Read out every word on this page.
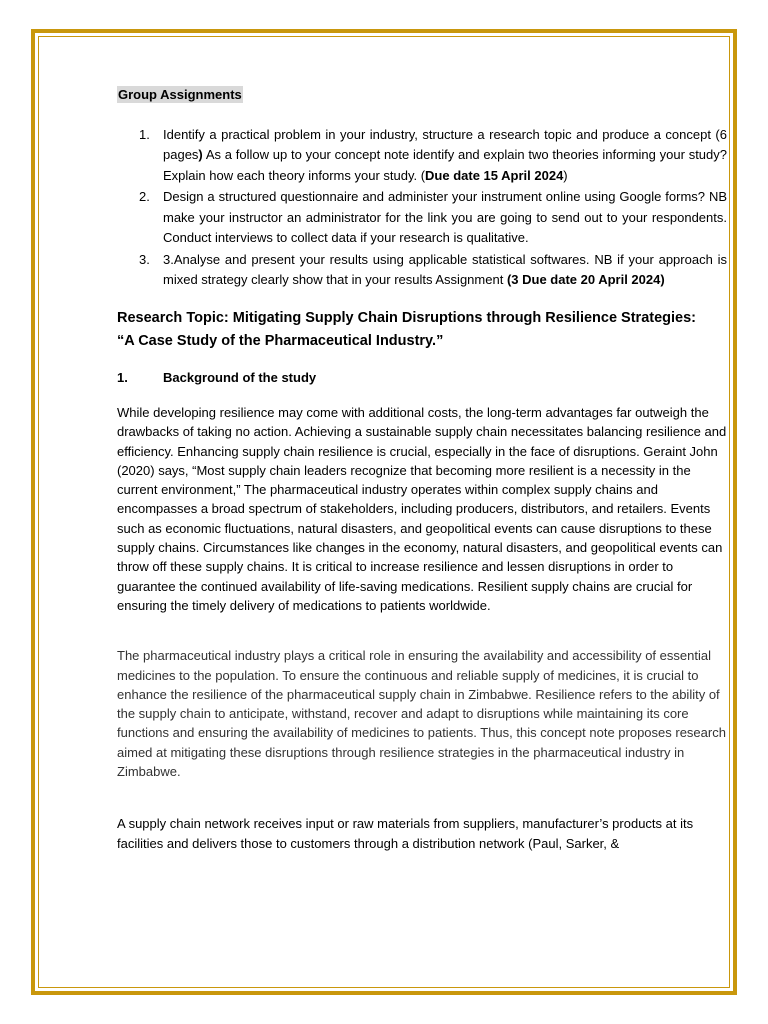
Group Assignments
1. Identify a practical problem in your industry, structure a research topic and produce a concept (6 pages) As a follow up to your concept note identify and explain two theories informing your study? Explain how each theory informs your study. (Due date 15 April 2024)
2. Design a structured questionnaire and administer your instrument online using Google forms? NB make your instructor an administrator for the link you are going to send out to your respondents. Conduct interviews to collect data if your research is qualitative.
3. 3.Analyse and present your results using applicable statistical softwares. NB if your approach is mixed strategy clearly show that in your results Assignment (3 Due date 20 April 2024)
Research Topic: Mitigating Supply Chain Disruptions through Resilience Strategies:
“A Case Study of the Pharmaceutical Industry.”
1.	Background of the study

While developing resilience may come with additional costs, the long-term advantages far outweigh the drawbacks of taking no action. Achieving a sustainable supply chain necessitates balancing resilience and efficiency. Enhancing supply chain resilience is crucial, especially in the face of disruptions. Geraint John (2020) says, “Most supply chain leaders recognize that becoming more resilient is a necessity in the current environment,” The pharmaceutical industry operates within complex supply chains and encompasses a broad spectrum of stakeholders, including producers, distributors, and retailers. Events such as economic fluctuations, natural disasters, and geopolitical events can cause disruptions to these supply chains. Circumstances like changes in the economy, natural disasters, and geopolitical events can throw off these supply chains. It is critical to increase resilience and lessen disruptions in order to guarantee the continued availability of life-saving medications. Resilient supply chains are crucial for ensuring the timely delivery of medications to patients worldwide.

The pharmaceutical industry plays a critical role in ensuring the availability and accessibility of essential medicines to the population. To ensure the continuous and reliable supply of medicines, it is crucial to enhance the resilience of the pharmaceutical supply chain in Zimbabwe. Resilience refers to the ability of the supply chain to anticipate, withstand, recover and adapt to disruptions while maintaining its core functions and ensuring the availability of medicines to patients. Thus, this concept note proposes research aimed at mitigating these disruptions through resilience strategies in the pharmaceutical industry in Zimbabwe.

A supply chain network receives input or raw materials from suppliers, manufacturer’s products at its facilities and delivers those to customers through a distribution network (Paul, Sarker, &
